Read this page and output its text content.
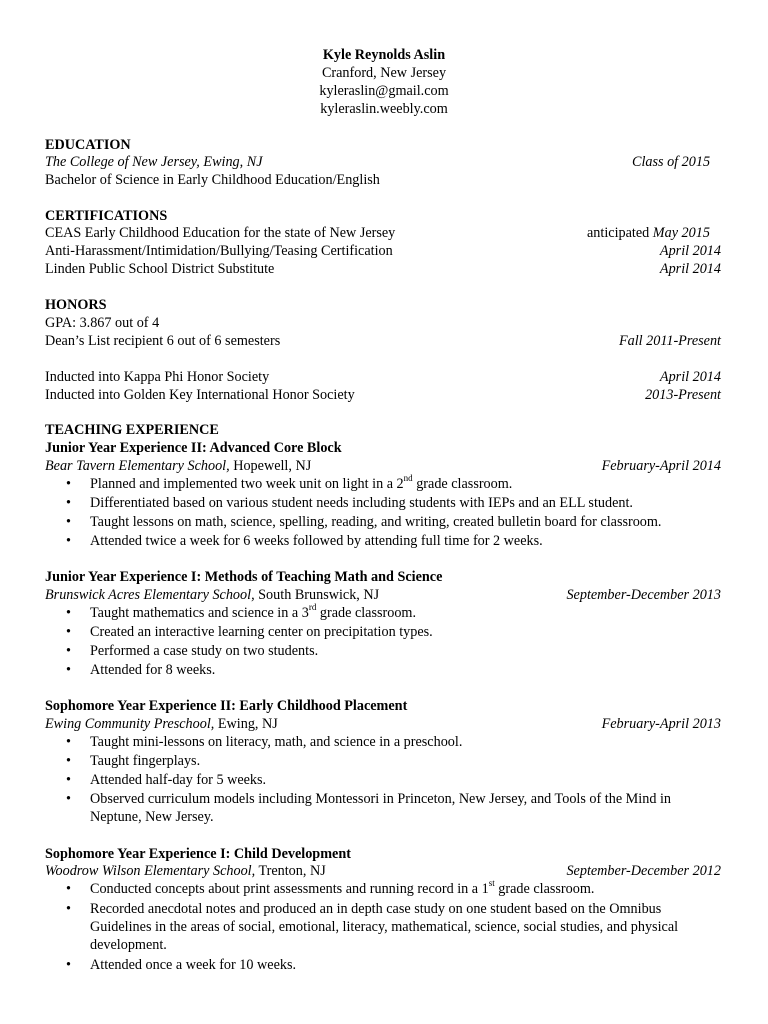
Kyle Reynolds Aslin
Cranford, New Jersey
kyleraslin@gmail.com
kyleraslin.weebly.com
EDUCATION
The College of New Jersey, Ewing, NJ	Class of 2015
Bachelor of Science in Early Childhood Education/English
CERTIFICATIONS
CEAS Early Childhood Education for the state of New Jersey	anticipated May 2015
Anti-Harassment/Intimidation/Bullying/Teasing Certification	April 2014
Linden Public School District Substitute	April 2014
HONORS
GPA: 3.867 out of 4
Dean’s List recipient 6 out of 6 semesters	Fall 2011-Present
Inducted into Kappa Phi Honor Society	April 2014
Inducted into Golden Key International Honor Society	2013-Present
TEACHING EXPERIENCE
Junior Year Experience II: Advanced Core Block
Bear Tavern Elementary School, Hopewell, NJ	February-April 2014
• Planned and implemented two week unit on light in a 2nd grade classroom.
• Differentiated based on various student needs including students with IEPs and an ELL student.
• Taught lessons on math, science, spelling, reading, and writing, created bulletin board for classroom.
• Attended twice a week for 6 weeks followed by attending full time for 2 weeks.
Junior Year Experience I: Methods of Teaching Math and Science
Brunswick Acres Elementary School, South Brunswick, NJ	September-December 2013
• Taught mathematics and science in a 3rd grade classroom.
• Created an interactive learning center on precipitation types.
• Performed a case study on two students.
• Attended for 8 weeks.
Sophomore Year Experience II: Early Childhood Placement
Ewing Community Preschool, Ewing, NJ	February-April 2013
• Taught mini-lessons on literacy, math, and science in a preschool.
• Taught fingerplays.
• Attended half-day for 5 weeks.
• Observed curriculum models including Montessori in Princeton, New Jersey, and Tools of the Mind in Neptune, New Jersey.
Sophomore Year Experience I: Child Development
Woodrow Wilson Elementary School, Trenton, NJ	September-December 2012
• Conducted concepts about print assessments and running record in a 1st grade classroom.
• Recorded anecdotal notes and produced an in depth case study on one student based on the Omnibus Guidelines in the areas of social, emotional, literacy, mathematical, science, social studies, and physical development.
• Attended once a week for 10 weeks.
